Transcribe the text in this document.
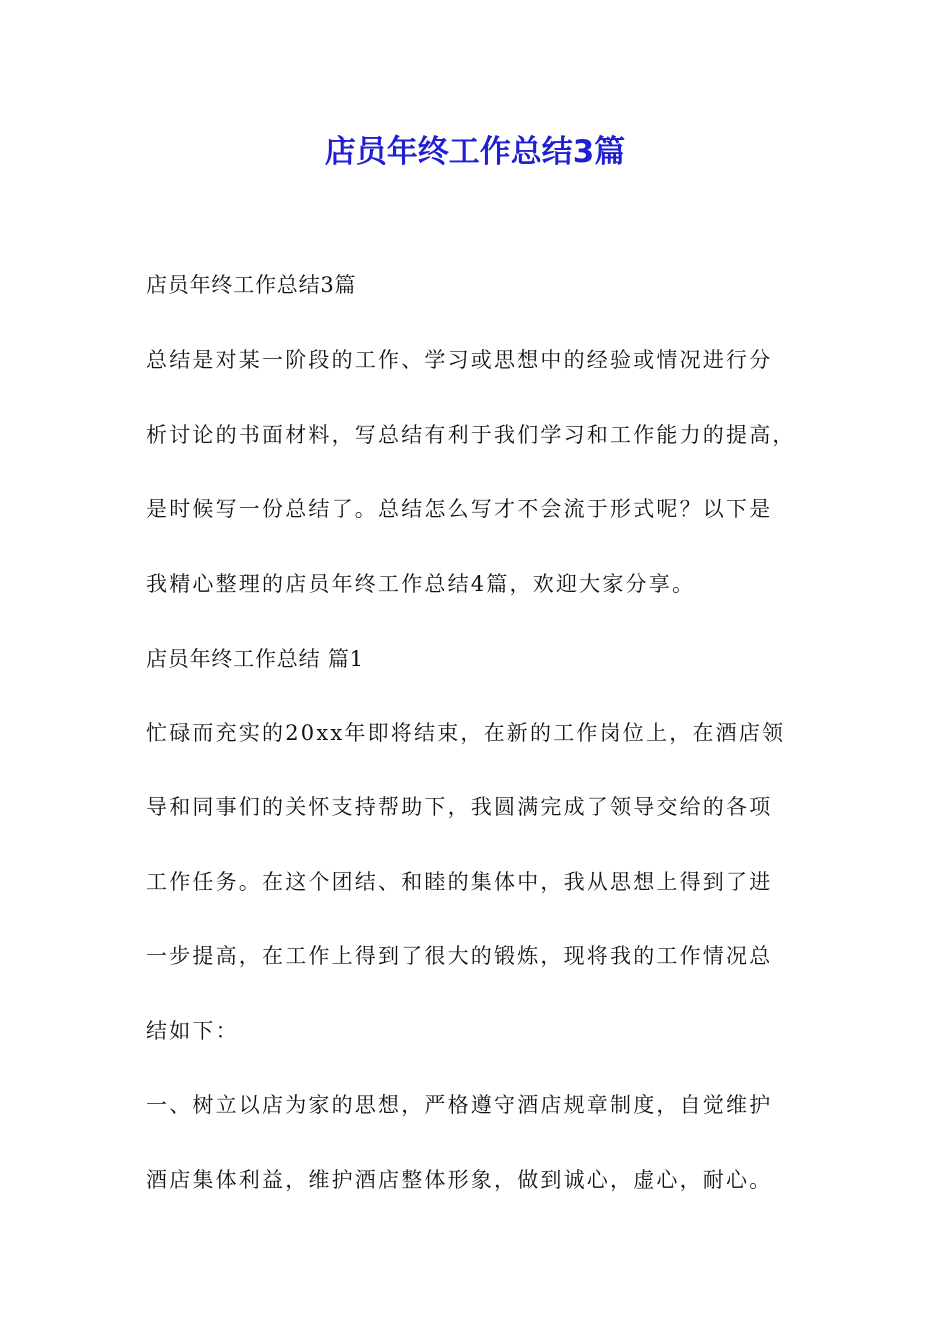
店员年终工作总结3篇

店员年终工作总结3篇

总结是对某一阶段的工作、学习或思想中的经验或情况进行分

析讨论的书面材料，写总结有利于我们学习和工作能力的提高，

是时候写一份总结了。总结怎么写才不会流于形式呢？以下是

我精心整理的店员年终工作总结4篇，欢迎大家分享。

店员年终工作总结 篇1

忙碌而充实的20xx年即将结束，在新的工作岗位上，在酒店领

导和同事们的关怀支持帮助下，我圆满完成了领导交给的各项

工作任务。在这个团结、和睦的集体中，我从思想上得到了进

一步提高，在工作上得到了很大的锻炼，现将我的工作情况总

结如下：

一、树立以店为家的思想，严格遵守酒店规章制度，自觉维护

酒店集体利益，维护酒店整体形象，做到诚心，虚心，耐心。
